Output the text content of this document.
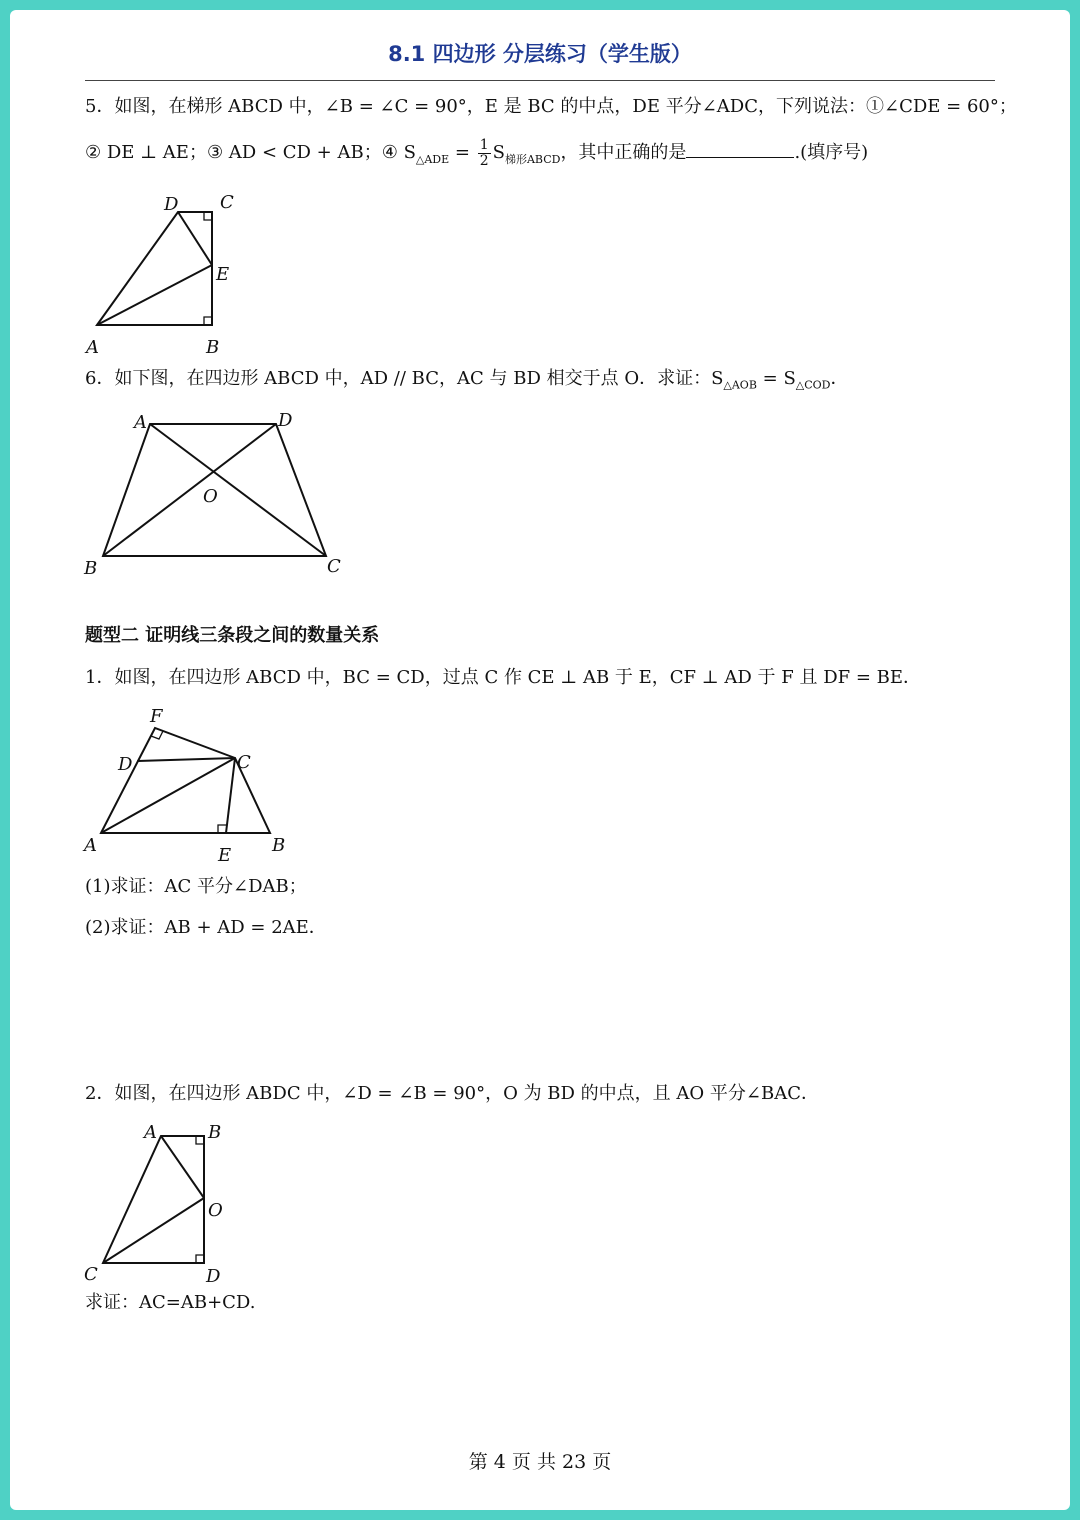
8.1 四边形 分层练习（学生版）
5．如图，在梯形 ABCD 中，∠B = ∠C = 90°，E 是 BC 的中点，DE 平分∠ADC，下列说法：①∠CDE = 60°；
② DE ⊥ AE；③ AD < CD + AB；④ $S_{\triangle ADE} = \frac{1}{2} S_{梯形ABCD}$，其中正确的是	.(填序号)
D C
E
A	B
6．如下图，在四边形 ABCD 中，AD // BC，AC 与 BD 相交于点 O．求证：$S_{\triangle AOB} = S_{\triangle COD}$．
A	D
O
B	C
题型二 证明线三条段之间的数量关系
1．如图，在四边形 ABCD 中，BC = CD，过点 C 作 CE ⊥ AB 于 E，CF ⊥ AD 于 F 且 DF = BE．
F
D	C
A	E B
(1)求证：AC 平分∠DAB；
(2)求证：AB + AD = 2AE．
2．如图，在四边形 ABDC 中，∠D = ∠B = 90°，O 为 BD 的中点，且 AO 平分∠BAC．
A	B
O
C	D
求证：AC=AB+CD.
第 4 页 共 23 页
